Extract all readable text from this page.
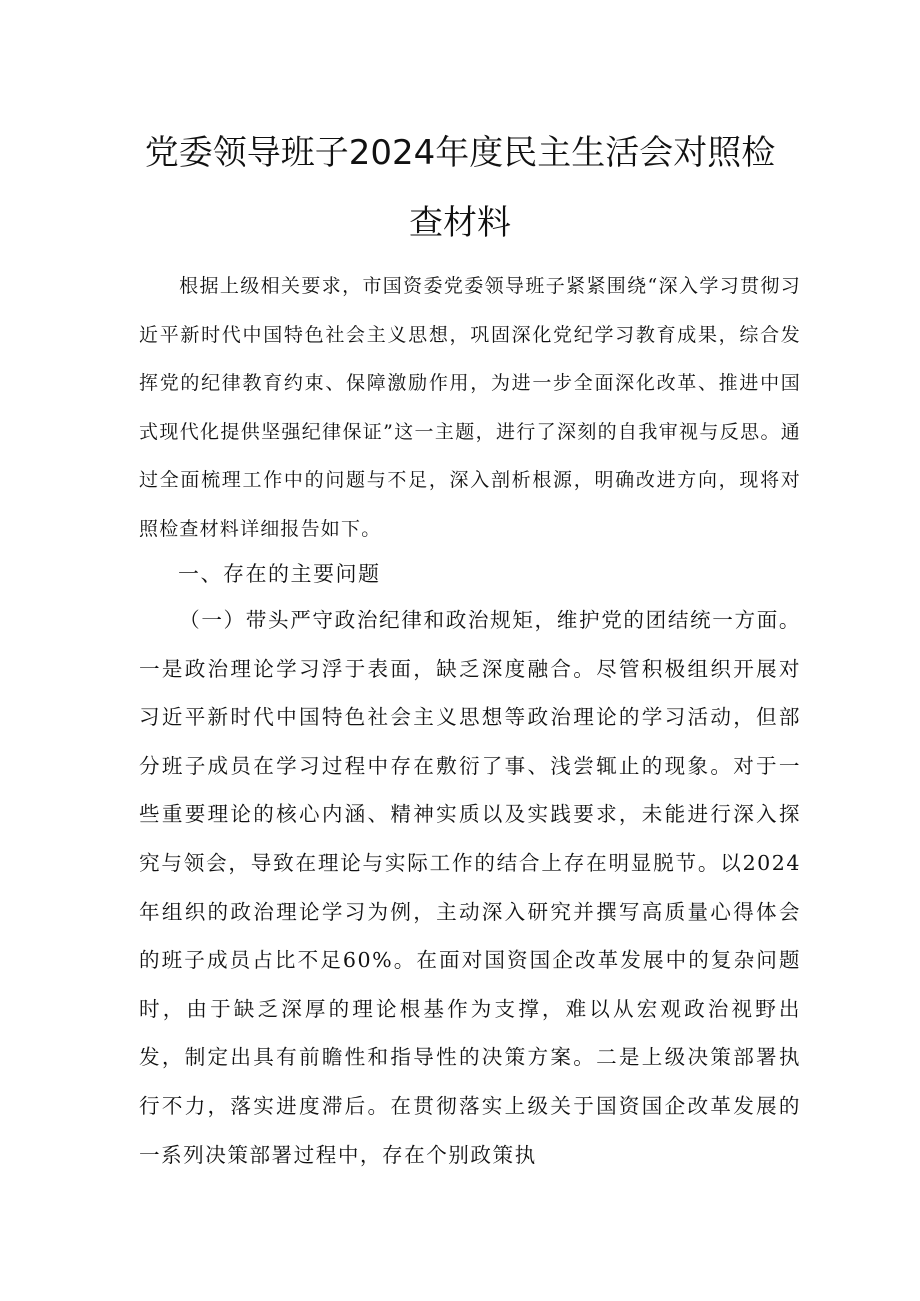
党委领导班子2024年度民主生活会对照检
查材料
根据上级相关要求，市国资委党委领导班子紧紧围绕“深入学习贯彻习近平新时代中国特色社会主义思想，巩固深化党纪学习教育成果，综合发挥党的纪律教育约束、保障激励作用，为进一步全面深化改革、推进中国式现代化提供坚强纪律保证”这一主题，进行了深刻的自我审视与反思。通过全面梳理工作中的问题与不足，深入剖析根源，明确改进方向，现将对照检查材料详细报告如下。
一、存在的主要问题
（一）带头严守政治纪律和政治规矩，维护党的团结统一方面。一是政治理论学习浮于表面，缺乏深度融合。尽管积极组织开展对习近平新时代中国特色社会主义思想等政治理论的学习活动，但部分班子成员在学习过程中存在敷衍了事、浅尝辄止的现象。对于一些重要理论的核心内涵、精神实质以及实践要求，未能进行深入探究与领会，导致在理论与实际工作的结合上存在明显脱节。以2024年组织的政治理论学习为例，主动深入研究并撰写高质量心得体会的班子成员占比不足60%。在面对国资国企改革发展中的复杂问题时，由于缺乏深厚的理论根基作为支撑，难以从宏观政治视野出发，制定出具有前瞻性和指导性的决策方案。二是上级决策部署执行不力，落实进度滞后。在贯彻落实上级关于国资国企改革发展的一系列决策部署过程中，存在个别政策执
